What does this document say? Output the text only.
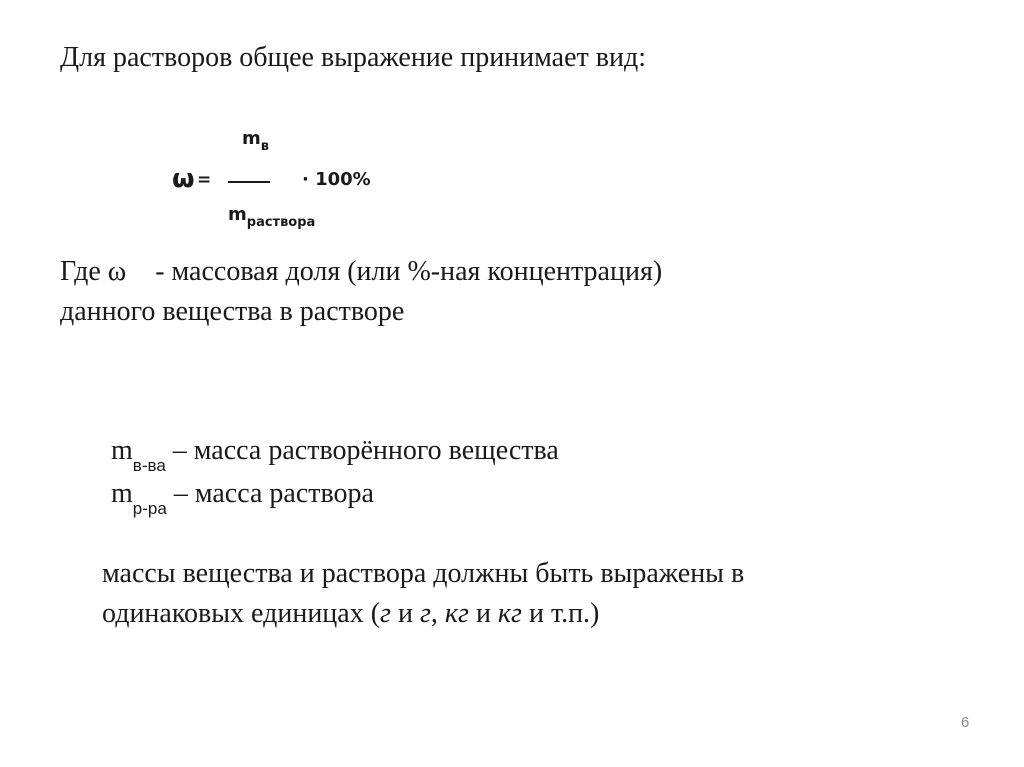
Для растворов общее выражение принимает вид:
$m_в$
ω =	· 100%
$m_{раствора}$
Где ω - массовая доля (или %-ная концентрация)
данного вещества в растворе
$m_{в-ва}$ – масса растворённого вещества
$m_{р-ра}$ – масса раствора
массы вещества и раствора должны быть выражены в
одинаковых единицах (г и г, кг и кг и т.п.)
6
